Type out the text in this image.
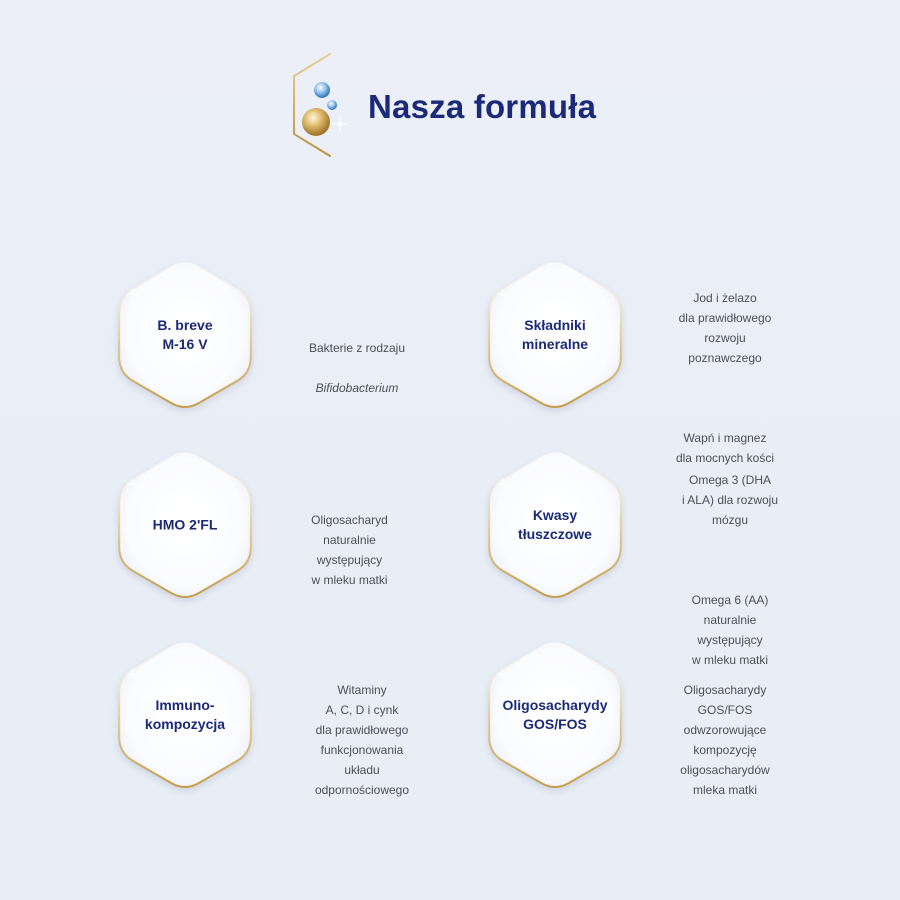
Nasza formuła
B. breve
M-16 V	Bakterie z rodzaju

Bifidobacterium

Składniki
mineralne

Jod i żelazo
dla prawidłowego
rozwoju
poznawczego

Wapń i magnez
dla mocnych kości

HMO 2'FL	Oligosacharyd
naturalnie
występujący
w mleku matki

Kwasy
tłuszczowe

Omega 3 (DHA
i ALA) dla rozwoju
mózgu

Omega 6 (AA)
naturalnie
występujący
w mleku matki

Immuno-
kompozycja

Witaminy
A, C, D i cynk
dla prawidłowego
funkcjonowania
układu
odpornościowego

Oligosacharydy
GOS/FOS

Oligosacharydy
GOS/FOS
odwzorowujące
kompozycję
oligosacharydów
mleka matki
